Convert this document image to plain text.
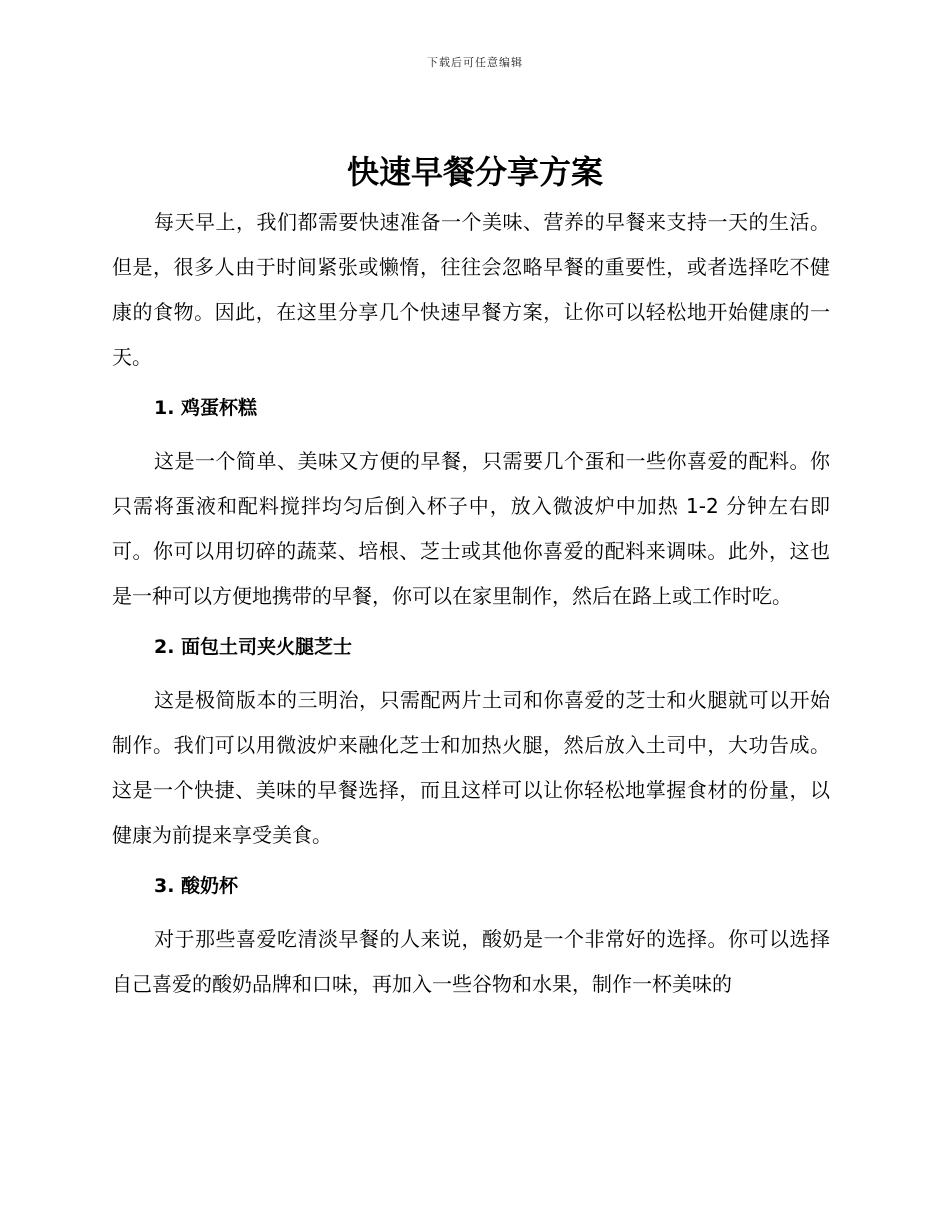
下载后可任意编辑
快速早餐分享方案

每天早上，我们都需要快速准备一个美味、营养的早餐来支持一天的生活。但是，很多人由于时间紧张或懒惰，往往会忽略早餐的重要性，或者选择吃不健康的食物。因此，在这里分享几个快速早餐方案，让你可以轻松地开始健康的一天。

1. 鸡蛋杯糕

这是一个简单、美味又方便的早餐，只需要几个蛋和一些你喜爱的配料。你只需将蛋液和配料搅拌均匀后倒入杯子中，放入微波炉中加热 1-2 分钟左右即可。你可以用切碎的蔬菜、培根、芝士或其他你喜爱的配料来调味。此外，这也是一种可以方便地携带的早餐，你可以在家里制作，然后在路上或工作时吃。

2. 面包土司夹火腿芝士

这是极简版本的三明治，只需配两片土司和你喜爱的芝士和火腿就可以开始制作。我们可以用微波炉来融化芝士和加热火腿，然后放入土司中，大功告成。这是一个快捷、美味的早餐选择，而且这样可以让你轻松地掌握食材的份量，以健康为前提来享受美食。

3. 酸奶杯

对于那些喜爱吃清淡早餐的人来说，酸奶是一个非常好的选择。你可以选择自己喜爱的酸奶品牌和口味，再加入一些谷物和水果，制作一杯美味的
